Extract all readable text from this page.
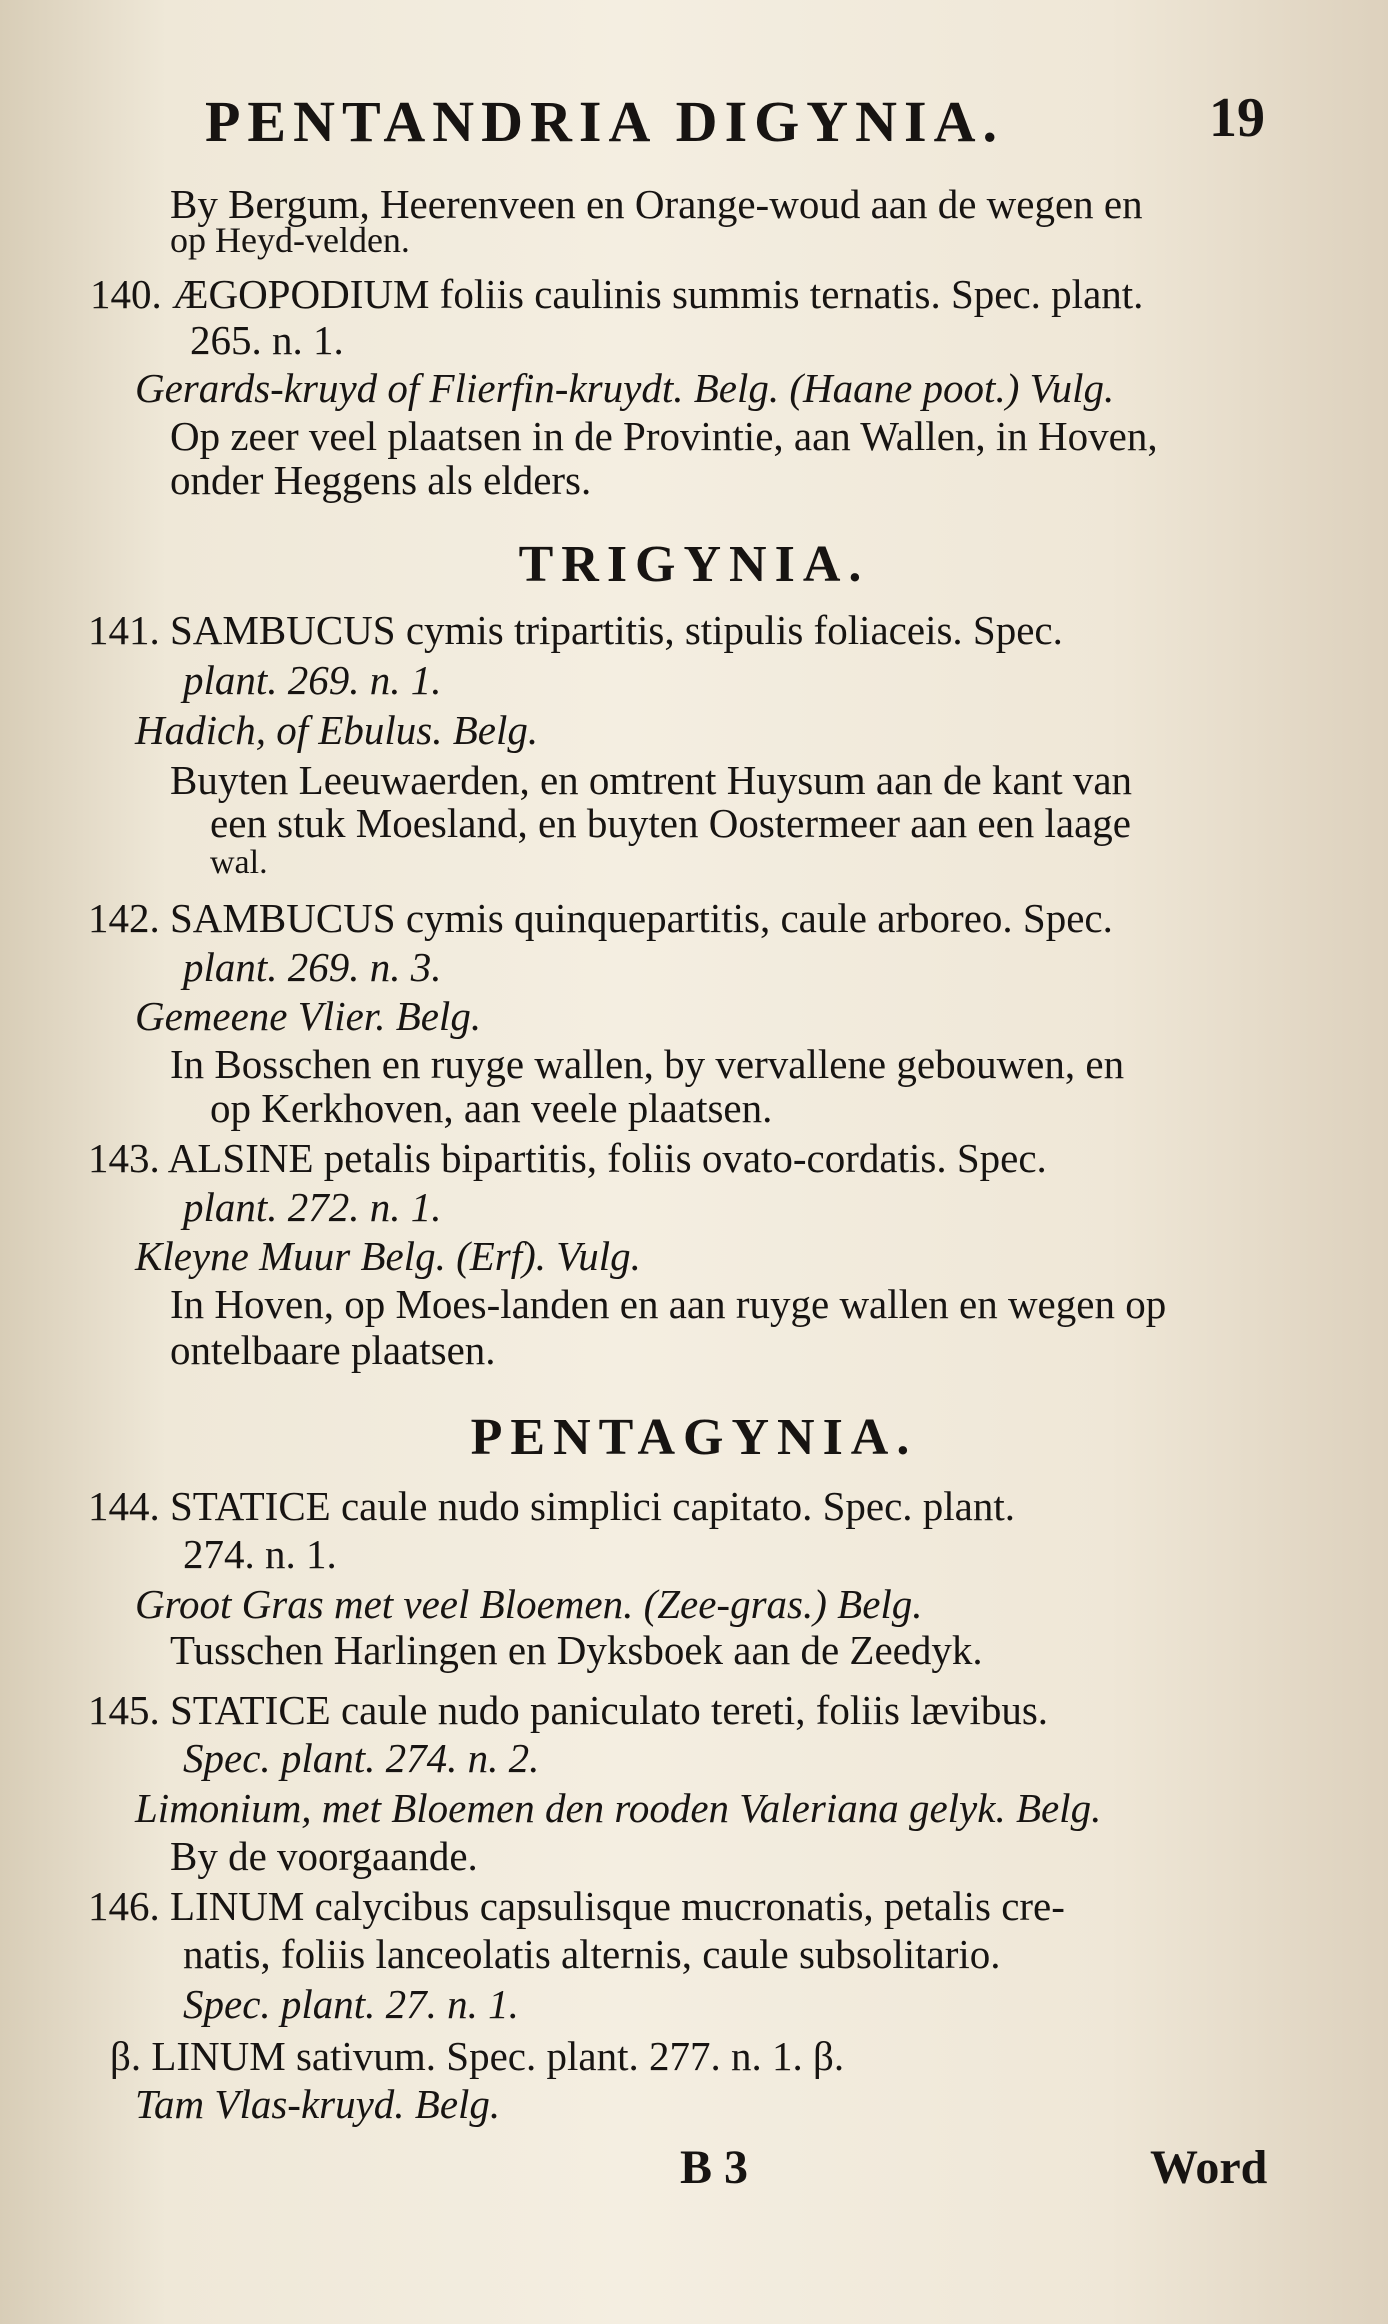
PENTANDRIA DIGYNIA.	19
By Bergum, Heerenveen en Orange-woud aan de wegen en
op Heyd-velden.
140. ÆGOPODIUM foliis caulinis summis ternatis. Spec. plant.
265. n. 1.
Gerards-kruyd of Flierfin-kruydt. Belg. (Haane poot.) Vulg.
Op zeer veel plaatsen in de Provintie, aan Wallen, in Hoven,
onder Heggens als elders.
TRIGYNIA.
141. SAMBUCUS cymis tripartitis, stipulis foliaceis. Spec.
plant. 269. n. 1.
Hadich, of Ebulus. Belg.
Buyten Leeuwaerden, en omtrent Huysum aan de kant van
een stuk Moesland, en buyten Oostermeer aan een laage
wal.
142. SAMBUCUS cymis quinquepartitis, caule arboreo. Spec.
plant. 269. n. 3.
Gemeene Vlier. Belg.
In Bosschen en ruyge wallen, by vervallene gebouwen, en
op Kerkhoven, aan veele plaatsen.
143. ALSINE petalis bipartitis, foliis ovato-cordatis. Spec.
plant. 272. n. 1.
Kleyne Muur Belg. (Erf). Vulg.
In Hoven, op Moes-landen en aan ruyge wallen en wegen op
ontelbaare plaatsen.
PENTAGYNIA.
144. STATICE caule nudo simplici capitato. Spec. plant.
274. n. 1.
Groot Gras met veel Bloemen. (Zee-gras.) Belg.
Tusschen Harlingen en Dyksboek aan de Zeedyk.
145. STATICE caule nudo paniculato tereti, foliis lævibus.
Spec. plant. 274. n. 2.
Limonium, met Bloemen den rooden Valeriana gelyk. Belg.
By de voorgaande.
146. LINUM calycibus capsulisque mucronatis, petalis cre-
natis, foliis lanceolatis alternis, caule subsolitario.
Spec. plant. 27. n. 1.
β. LINUM sativum. Spec. plant. 277. n. 1. β.
Tam Vlas-kruyd. Belg.
B 3	Word
